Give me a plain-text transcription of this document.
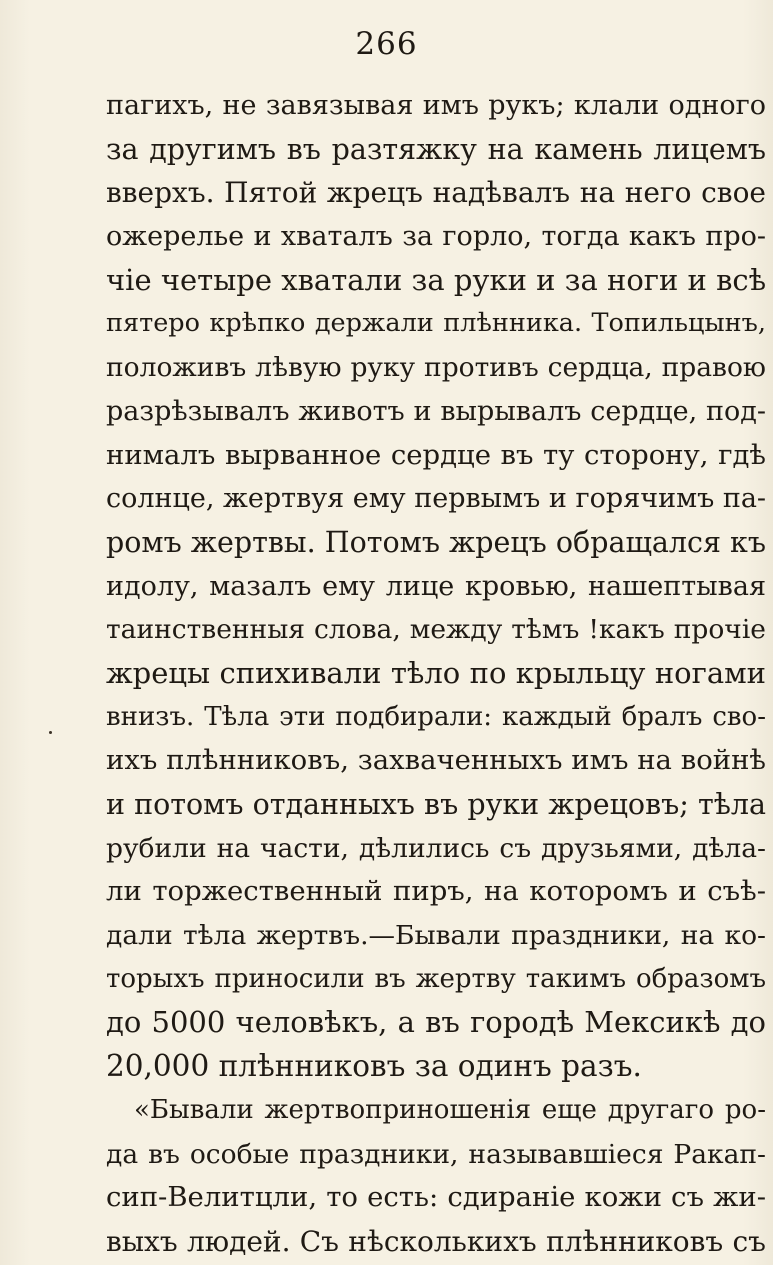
266
пагихъ, не завязывая имъ рукъ; клали одного
за другимъ въ разтяжку на камень лицемъ
вверхъ. Пятой жрецъ надѣвалъ на него свое
ожерелье и хваталъ за горло, тогда какъ про-
чіе четыре хватали за руки и за ноги и всѣ
пятеро крѣпко держали плѣнника. Топильцынъ,
положивъ лѣвую руку противъ сердца, правою
разрѣзывалъ животъ и вырывалъ сердце, под-
нималъ вырванное сердце въ ту сторону, гдѣ
солнце, жертвуя ему первымъ и горячимъ па-
ромъ жертвы. Потомъ жрецъ обращался къ
идолу, мазалъ ему лице кровью, нашептывая
таинственныя слова, между тѣмъ !какъ прочіе
жрецы спихивали тѣло по крыльцу ногами
внизъ. Тѣла эти подбирали: каждый бралъ сво-
ихъ плѣнниковъ, захваченныхъ имъ на войнѣ
и потомъ отданныхъ въ руки жрецовъ; тѣла
рубили на части, дѣлились съ друзьями, дѣла-
ли торжественный пиръ, на которомъ и съѣ-
дали тѣла жертвъ.—Бывали праздники, на ко-
торыхъ приносили въ жертву такимъ образомъ
до 5000 человѣкъ, а въ городѣ Мексикѣ до
20,000 плѣнниковъ за одинъ разъ.
«Бывали жертвоприношенія еще другаго ро-
да въ особые праздники, называвшіеся Ракап-
сип-Велитцли, то есть: сдираніе кожи съ жи-
выхъ людей. Съ нѣсколькихъ плѣнниковъ съ
